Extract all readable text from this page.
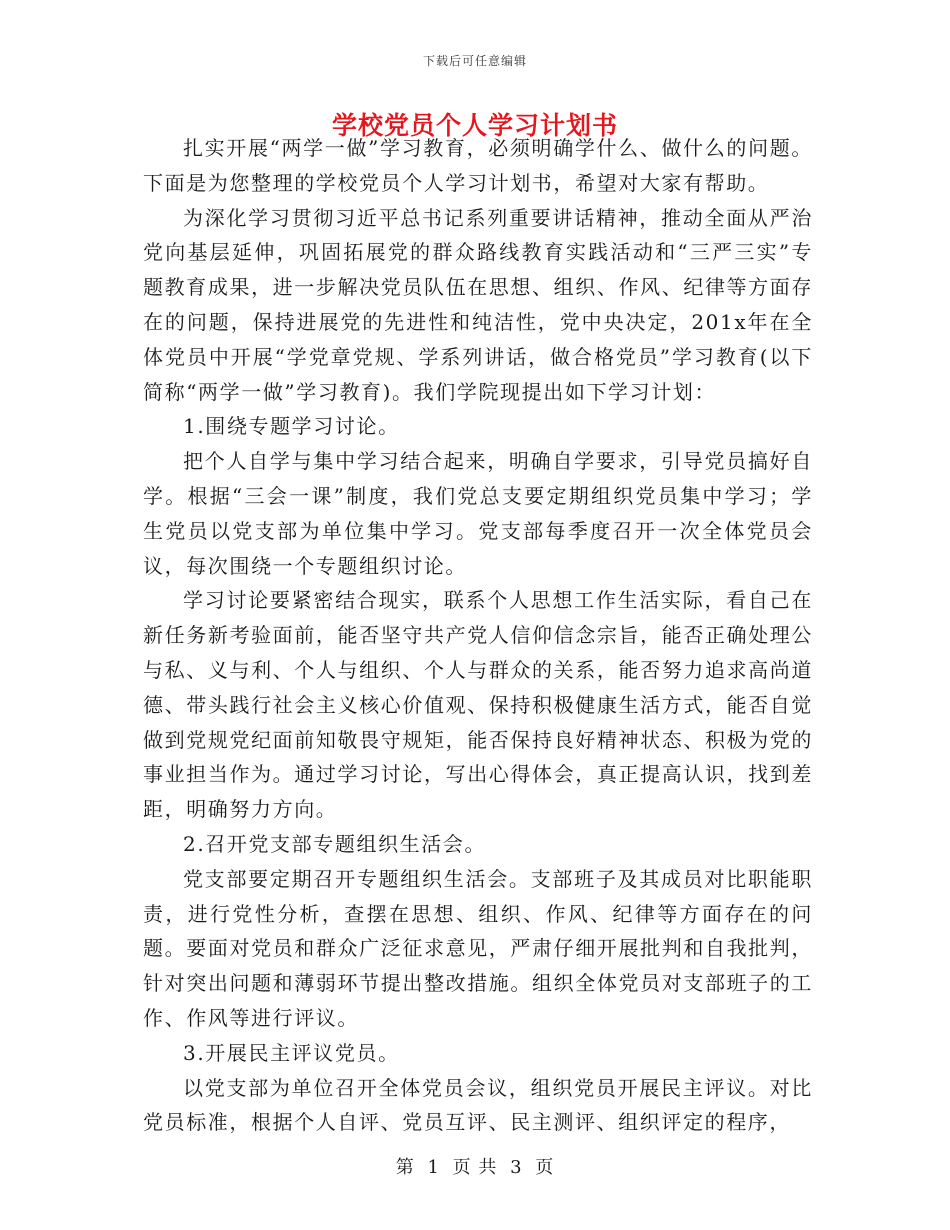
下载后可任意编辑
学校党员个人学习计划书

扎实开展“两学一做”学习教育，必须明确学什么、做什么的问题。下面是为您整理的学校党员个人学习计划书，希望对大家有帮助。

为深化学习贯彻习近平总书记系列重要讲话精神，推动全面从严治党向基层延伸，巩固拓展党的群众路线教育实践活动和“三严三实”专题教育成果，进一步解决党员队伍在思想、组织、作风、纪律等方面存在的问题，保持进展党的先进性和纯洁性，党中央决定，201x年在全体党员中开展“学党章党规、学系列讲话，做合格党员”学习教育(以下简称“两学一做”学习教育)。我们学院现提出如下学习计划：

1.围绕专题学习讨论。

把个人自学与集中学习结合起来，明确自学要求，引导党员搞好自学。根据“三会一课”制度，我们党总支要定期组织党员集中学习；学生党员以党支部为单位集中学习。党支部每季度召开一次全体党员会议，每次围绕一个专题组织讨论。

学习讨论要紧密结合现实，联系个人思想工作生活实际，看自己在新任务新考验面前，能否坚守共产党人信仰信念宗旨，能否正确处理公与私、义与利、个人与组织、个人与群众的关系，能否努力追求高尚道德、带头践行社会主义核心价值观、保持积极健康生活方式，能否自觉做到党规党纪面前知敬畏守规矩，能否保持良好精神状态、积极为党的事业担当作为。通过学习讨论，写出心得体会，真正提高认识，找到差距，明确努力方向。

2.召开党支部专题组织生活会。

党支部要定期召开专题组织生活会。支部班子及其成员对比职能职责，进行党性分析，查摆在思想、组织、作风、纪律等方面存在的问题。要面对党员和群众广泛征求意见，严肃仔细开展批判和自我批判，针对突出问题和薄弱环节提出整改措施。组织全体党员对支部班子的工作、作风等进行评议。

3.开展民主评议党员。

以党支部为单位召开全体党员会议，组织党员开展民主评议。对比党员标准，根据个人自评、党员互评、民主测评、组织评定的程序，

第 1 页 共 3 页
